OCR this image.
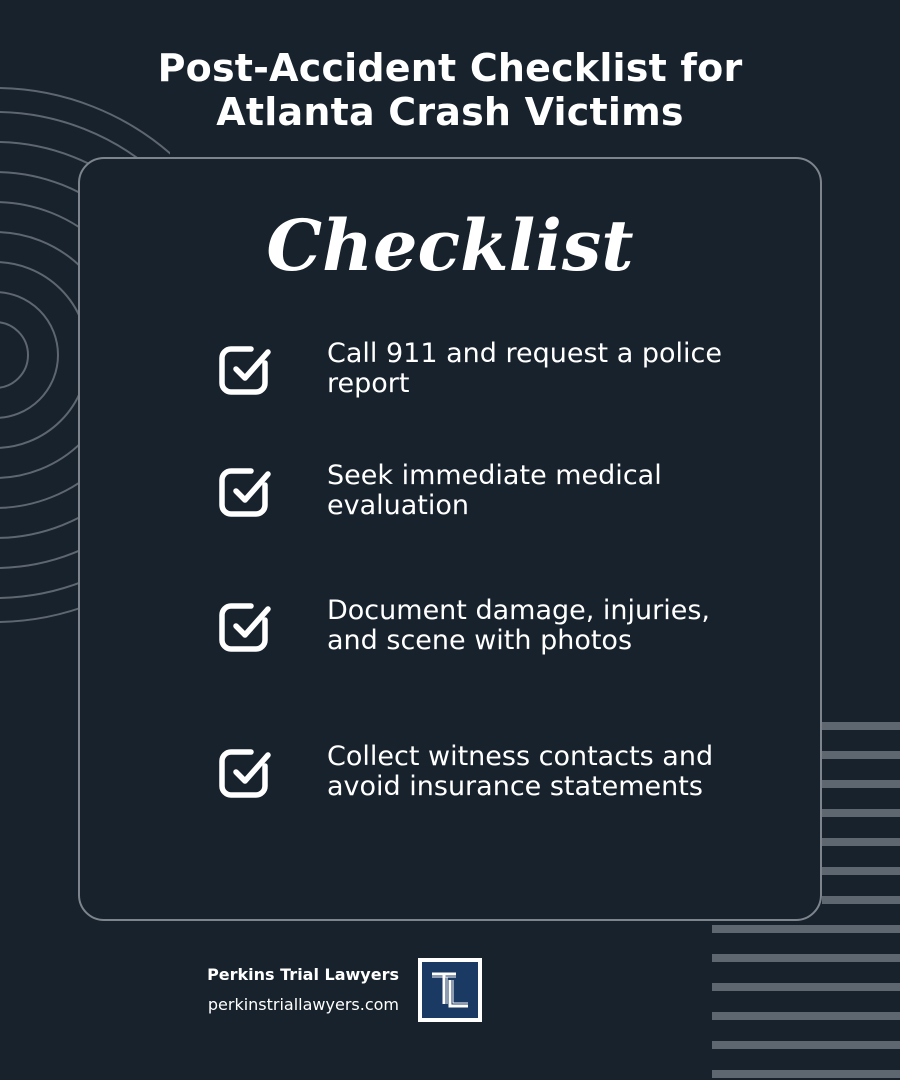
Post-Accident Checklist for
Atlanta Crash Victims
Checklist
Call 911 and request a police report
Seek immediate medical evaluation
Document damage, injuries, and scene with photos
Collect witness contacts and avoid insurance statements
Perkins Trial Lawyers
perkinstriallawyers.com
